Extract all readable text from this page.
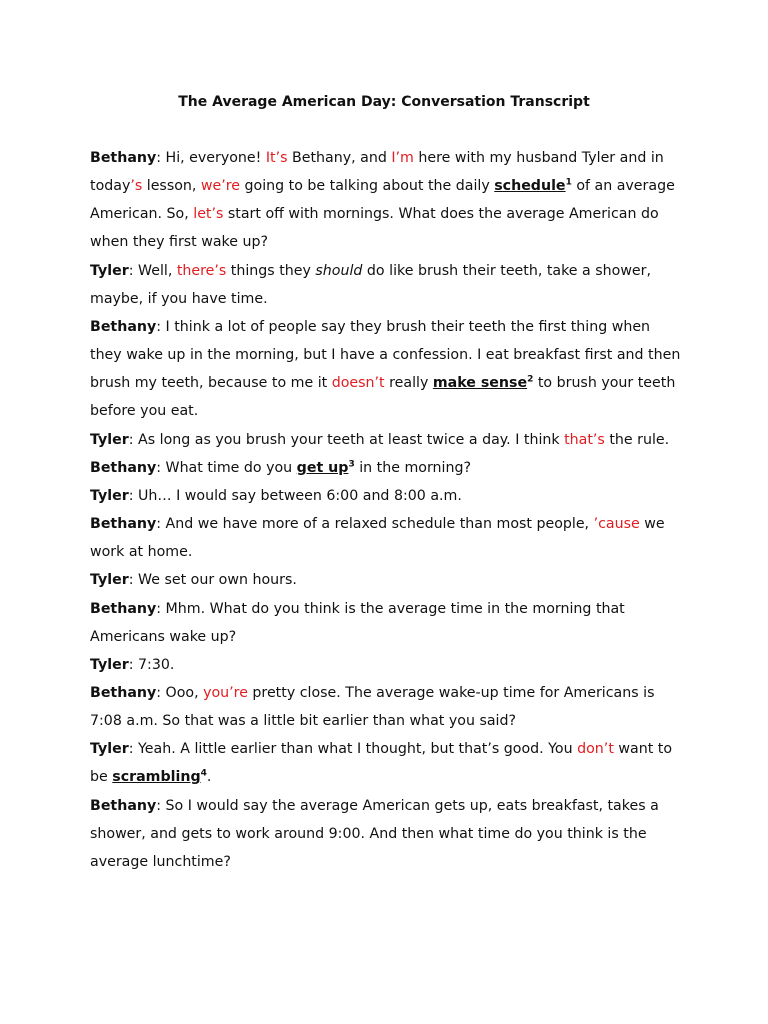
The Average American Day: Conversation Transcript

Bethany: Hi, everyone! It’s Bethany, and I’m here with my husband Tyler and in today’s lesson, we’re going to be talking about the daily schedule$^1$ of an average American. So, let’s start off with mornings. What does the average American do when they first wake up?

Tyler: Well, there’s things they should do like brush their teeth, take a shower, maybe, if you have time.

Bethany: I think a lot of people say they brush their teeth the first thing when they wake up in the morning, but I have a confession. I eat breakfast first and then brush my teeth, because to me it doesn’t really make sense$^2$ to brush your teeth before you eat.

Tyler: As long as you brush your teeth at least twice a day. I think that’s the rule.

Bethany: What time do you get up$^3$ in the morning?

Tyler: Uh… I would say between 6:00 and 8:00 a.m.

Bethany: And we have more of a relaxed schedule than most people, ’cause we work at home.

Tyler: We set our own hours.

Bethany: Mhm. What do you think is the average time in the morning that Americans wake up?

Tyler: 7:30.

Bethany: Ooo, you’re pretty close. The average wake-up time for Americans is 7:08 a.m. So that was a little bit earlier than what you said?

Tyler: Yeah. A little earlier than what I thought, but that’s good. You don’t want to be scrambling$^4$.

Bethany: So I would say the average American gets up, eats breakfast, takes a shower, and gets to work around 9:00. And then what time do you think is the average lunchtime?
